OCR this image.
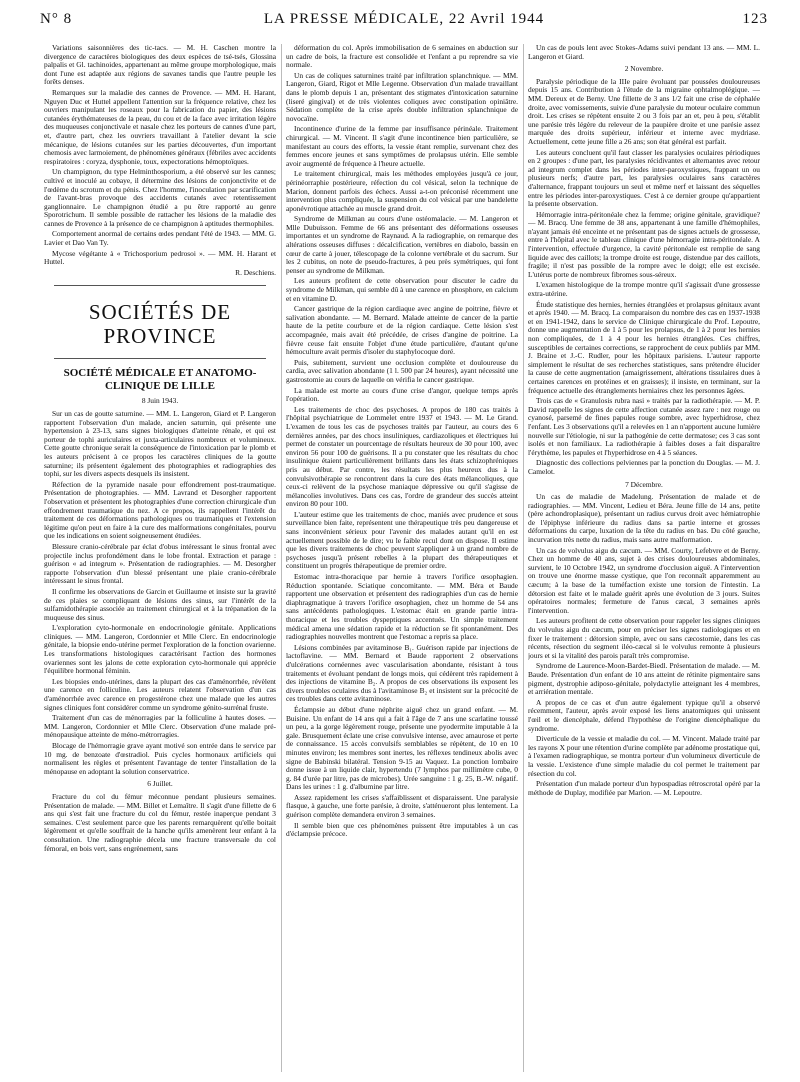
N° 8	LA PRESSE MÉDICALE, 22 Avril 1944	123

Variations saisonnières des tic-tacs. — M. H. Caschen montre la divergence de caractères biologiques des deux espèces de tsé-tsés, Glossina palpalis et Gl. tachinoides, appartenant au même groupe morphologique, mais dont l'une est adaptée aux régions de savanes tandis que l'autre peuple les forêts denses.

Remarques sur la maladie des cannes de Provence. — MM. H. Harant, Nguyen Duc et Huttel appellent l'attention sur la fréquence relative, chez les ouvriers manipulant les roseaux pour la fabrication du papier, des lésions cutanées érythémateuses de la peau, du cou et de la face avec irritation légère des muqueuses conjonctivale et nasale chez les porteurs de cannes d'une part, et, d'autre part, chez les ouvriers travaillant à l'atelier devant la scie mécanique, de lésions cutanées sur les parties découvertes, d'un important chemosis avec larmoiement, de phénomènes généraux (fébriles avec accidents respiratoires : coryza, dysphonie, toux, expectorations hémoptoïques.

Un champignon, du type Helminthosporium, a été observé sur les cannes; cultivé et inoculé au cobaye, il détermine des lésions de conjonctivite et de l'œdème du scrotum et du pénis. Chez l'homme, l'inoculation par scarification de l'avant-bras provoque des accidents cutanés avec retentissement ganglionnaire. Le champignon étudié a pu être rapporté au genre Sporotrichum. Il semble possible de rattacher les lésions de la maladie des cannes de Provence à la présence de ce champignon à aptitudes thermophiles.

Comportement anormal de certains œdes pendant l'été de 1943. — MM. G. Lavier et Dao Van Ty.

Mycose végétante à « Trichosporium pedrosoi ». — MM. H. Harant et Huttel.

R. Deschiens.

SOCIÉTÉS DE PROVINCE

SOCIÉTÉ MÉDICALE ET ANATOMO-CLINIQUE DE LILLE

8 Juin 1943.

Sur un cas de goutte saturnine. — MM. L. Langeron, Giard et P. Langeron rapportent l'observation d'un malade, ancien saturnin, qui présente une hypertension à 23-13, sans signes biologiques d'atteinte rénale, et qui est porteur de tophi auriculaires et juxta-articulaires nombreux et volumineux. Cette goutte chronique serait la conséquence de l'intoxication par le plomb et les auteurs précisent à ce propos les caractères cliniques de la goutte saturnine; ils présentent également des photographies et radiographies des tophi, sur les divers aspects desquels ils insistent.

Réfection de la pyramide nasale pour effondrement post-traumatique. Présentation de photographies. — MM. Lavrand et Desorgher rapportent l'observation et présentent les photographies d'une correction chirurgicale d'un effondrement traumatique du nez. A ce propos, ils rappellent l'intérêt du traitement de ces déformations pathologiques ou traumatiques et l'extension légitime qu'on peut en faire à la cure des malformations congénitales, pourvu que les indications en soient soigneusement étudiées.

Blessure cranio-cérébrale par éclat d'obus intéressant le sinus frontal avec projectile inclus profondément dans le lobe frontal. Extraction et parage : guérison « ad integrum ». Présentation de radiographies. — M. Desorgher rapporte l'observation d'un blessé présentant une plaie cranio-cérébrale intéressant le sinus frontal.

Il confirme les observations de Garcin et Guillaume et insiste sur la gravité de ces plaies se compliquant de lésions des sinus, sur l'intérêt de la sulfamidothérapie associée au traitement chirurgical et à la trépanation de la muqueuse des sinus.

L'exploration cyto-hormonale en endocrinologie génitale. Applications cliniques. — MM. Langeron, Cordonnier et Mlle Clerc. En endocrinologie génitale, la biopsie endo-utérine permet l'exploration de la fonction ovarienne. Les transformations histologiques caractérisant l'action des hormones ovariennes sont les jalons de cette exploration cyto-hormonale qui apprécie l'équilibre hormonal féminin.

Les biopsies endo-utérines, dans la plupart des cas d'aménorrhée, révèlent une carence en folliculine. Les auteurs relatent l'observation d'un cas d'aménorrhée avec carence en progestérone chez une malade que les autres signes cliniques font considérer comme un syndrome génito-surrénal fruste.

Traitement d'un cas de ménorragies par la folliculine à hautes doses. — MM. Langeron, Cordonnier et Mlle Clerc. Observation d'une malade pré-ménopausique atteinte de méno-métrorragies.

Blocage de l'hémorragie grave ayant motivé son entrée dans le service par 10 mg. de benzoate d'œstradiol. Puis cycles hormonaux artificiels qui normalisent les règles et présentent l'avantage de tenter l'installation de la ménopause en adoptant la solution conservatrice.

6 Juillet.

Fracture du col du fémur méconnue pendant plusieurs semaines. Présentation de malade. — MM. Billet et Lemaître. Il s'agit d'une fillette de 6 ans qui s'est fait une fracture du col du fémur, restée inaperçue pendant 3 semaines. C'est seulement parce que les parents remarquèrent qu'elle boitait légèrement et qu'elle souffrait de la hanche qu'ils amenèrent leur enfant à la consultation. Une radiographie décela une fracture transversale du col fémoral, en bois vert, sans engrènement, sans

déformation du col. Après immobilisation de 6 semaines en abduction sur un cadre de bois, la fracture est consolidée et l'enfant a pu reprendre sa vie normale.

Un cas de coliques saturnines traité par infiltration splanchnique. — MM. Langeron, Giard, Rigot et Mlle Legenne. Observation d'un malade travaillant dans le plomb depuis 1 an, présentant des stigmates d'intoxication saturnine (liseré gingival) et de très violentes coliques avec constipation opiniâtre. Sédation complète de la crise après double infiltration splanchnique de novocaïne.

Incontinence d'urine de la femme par insuffisance périnéale. Traitement chirurgical. — M. Vincent. Il s'agit d'une incontinence bien particulière, se manifestant au cours des efforts, la vessie étant remplie, survenant chez des femmes encore jeunes et sans symptômes de prolapsus utérin. Elle semble avoir augmenté de fréquence à l'heure actuelle.

Le traitement chirurgical, mais les méthodes employées jusqu'à ce jour, périnéorraphie postérieure, réfection du col vésical, selon la technique de Marion, donnent parfois des échecs. Aussi a-t-on préconisé récemment une intervention plus compliquée, la suspension du col vésical par une bandelette aponévrotique attachée au muscle grand droit.

Syndrome de Milkman au cours d'une ostéomalacie. — M. Langeron et Mlle Dubuisson. Femme de 66 ans présentant des déformations osseuses importantes et un syndrome de Raynaud. A la radiographie, on remarque des altérations osseuses diffuses : décalcification, vertèbres en diabolo, bassin en cœur de carte à jouer, télescopage de la colonne vertébrale et du sacrum. Sur les 2 cubitus, on note de pseudo-fractures, à peu près symétriques, qui font penser au syndrome de Milkman.

Les auteurs profitent de cette observation pour discuter le cadre du syndrome de Milkman, qui semble dû à une carence en phosphore, en calcium et en vitamine D.

Cancer gastrique de la région cardiaque avec angine de poitrine, fièvre et salivation abondante. — M. Bernard. Malade atteinte de cancer de la partie haute de la petite courbure et de la région cardiaque. Cette lésion s'est accompagnée, mais avait été précédée, de crises d'angine de poitrine. La fièvre ceuse fait ensuite l'objet d'une étude particulière, d'autant qu'une hémoculture avait permis d'isoler du staphylocoque doré.

Puis, subitement, survient une occlusion complète et douloureuse du cardia, avec salivation abondante (1 l. 500 par 24 heures), ayant nécessité une gastrostomie au cours de laquelle on vérifia le cancer gastrique.

La malade est morte au cours d'une crise d'angor, quelque temps après l'opération.

Les traitements de choc des psychoses. A propos de 180 cas traités à l'hôpital psychiatrique de Lommelet entre 1937 et 1943. — M. Le Grand. L'examen de tous les cas de psychoses traités par l'auteur, au cours des 6 dernières années, par des chocs insuliniques, cardiazoliques et électriques lui permet de constater un pourcentage de résultats heureux de 30 pour 100, avec environ 56 pour 100 de guérisons. Il a pu constater que les résultats du choc insulinique étaient particulièrement brillants dans les états schizophréniques pris au début. Par contre, les résultats les plus heureux dus à la convulsivothérapie se rencontrent dans la cure des états mélancoliques, que ceux-ci relèvent de la psychose maniaque dépressive ou qu'il s'agisse de mélancolies involutives. Dans ces cas, l'ordre de grandeur des succès atteint environ 80 pour 100.

L'auteur estime que les traitements de choc, maniés avec prudence et sous surveillance bien faite, représentent une thérapeutique très peu dangereuse et sans inconvénient sérieux pour l'avenir des malades autant qu'il en est actuellement possible de le dire; vu le faible recul dont on dispose. Il estime que les divers traitements de choc peuvent s'appliquer à un grand nombre de psychoses jusqu'à présent rebelles à la plupart des thérapeutiques et constituent un progrès thérapeutique de premier ordre.

Estomac intra-thoracique par hernie à travers l'orifice œsophagien. Réduction spontanée. Sciatique concomitante. — MM. Béra et Baude rapportent une observation et présentent des radiographies d'un cas de hernie diaphragmatique à travers l'orifice œsophagien, chez un homme de 54 ans sans antécédents pathologiques. L'estomac était en grande partie intra-thoracique et les troubles dyspeptiques accentués. Un simple traitement médical amena une sédation rapide et la réduction se fit spontanément. Des radiographies nouvelles montrent que l'estomac a repris sa place.

Lésions combinées par avitaminose B₁. Guérison rapide par injections de lactoflavine. — MM. Bernard et Baude rapportent 2 observations d'ulcérations cornéennes avec vascularisation abondante, résistant à tous traitements et évoluant pendant de longs mois, qui cédèrent très rapidement à des injections de vitamine B₂. A propos de ces observations ils exposent les divers troubles oculaires dus à l'avitaminose B₂ et insistent sur la précocité de ces troubles dans cette avitaminose.

Éclampsie au début d'une néphrite aiguë chez un grand enfant. — M. Buisine. Un enfant de 14 ans qui a fait à l'âge de 7 ans une scarlatine toussé un peu, a la gorge légèrement rouge, présente une pyodermite imputable à la gale. Brusquement éclate une crise convulsive intense, avec amaurose et perte de connaissance. 15 accès convulsifs semblables se répètent, de 10 en 10 minutes environ; les membres sont inertes, les réflexes tendineux abolis avec signe de Babinski bilatéral. Tension 9-15 au Vaquez. La ponction lombaire donne issue à un liquide clair, hypertendu (7 lymphos par millimètre cube, 0 g. 84 d'urée par litre, pas de microbes). Urée sanguine : 1 g. 25, B.-W. négatif. Dans les urines : 1 g. d'albumine par litre.

Assez rapidement les crises s'affaiblissent et disparaissent. Une paralysie flasque, à gauche, une forte parésie, à droite, s'atténueront plus lentement. La guérison complète demandera environ 3 semaines.

Il semble bien que ces phénomènes puissent être imputables à un cas d'éclampsie précoce.

Un cas de pouls lent avec Stokes-Adams suivi pendant 13 ans. — MM. L. Langeron et Giard.

2 Novembre.

Paralysie périodique de la IIIe paire évoluant par poussées douloureuses depuis 15 ans. Contribution à l'étude de la migraine ophtalmoplégique. — MM. Dereux et de Berny. Une fillette de 3 ans 1/2 fait une crise de céphalée droite, avec vomissements, suivie d'une paralysie du moteur oculaire commun droit. Les crises se répètent ensuite 2 ou 3 fois par an et, peu à peu, s'établit une parésie très légère du releveur de la paupière droite et une parésie assez marquée des droits supérieur, inférieur et interne avec mydriase. Actuellement, cette jeune fille a 26 ans; son état général est parfait.

Les auteurs concluent qu'il faut classer les paralysies oculaires périodiques en 2 groupes : d'une part, les paralysies récidivantes et alternantes avec retour ad integrum complet dans les périodes inter-paroxystiques, frappant un ou plusieurs nerfs; d'autre part, les paralysies oculaires sans caractères d'alternance, frappant toujours un seul et même nerf et laissant des séquelles entre les périodes inter-paroxystiques. C'est à ce dernier groupe qu'appartient la présente observation.

Hémorragie intra-péritonéale chez la femme; origine génitale, gravidique? — M. Bracq. Une femme de 38 ans, appartenant à une famille d'hémophiles, n'ayant jamais été enceinte et ne présentant pas de signes actuels de grossesse, entre à l'hôpital avec le tableau clinique d'une hémorragie intra-péritonéale. A l'intervention, effectuée d'urgence, la cavité péritonéale est remplie de sang liquide avec des caillots; la trompe droite est rouge, distendue par des caillots, fragile; il n'est pas possible de la rompre avec le doigt; elle est excisée. L'utérus porte de nombreux fibromes sous-séreux.

L'examen histologique de la trompe montre qu'il s'agissait d'une grossesse extra-utérine.

Étude statistique des hernies, hernies étranglées et prolapsus génitaux avant et après 1940. — M. Bracq. La comparaison du nombre des cas en 1937-1938 et en 1941-1942, dans le service de Clinique chirurgicale du Prof. Lepoutre, donne une augmentation de 1 à 5 pour les prolapsus, de 1 à 2 pour les hernies non compliquées, de 1 à 4 pour les hernies étranglées. Ces chiffres, susceptibles de certaines corrections, se rapprochent de ceux publiés par MM. J. Braine et J.-C. Rudler, pour les hôpitaux parisiens. L'auteur rapporte simplement le résultat de ses recherches statistiques, sans prétendre élucider la cause de cette augmentation (amaigrissement, altérations tissulaires dues à certaines carences en protéines et en graisses); il insiste, en terminant, sur la fréquence actuelle des étranglements herniaires chez les personnes âgées.

Trois cas de « Granulosis rubra nasi » traités par la radiothérapie. — M. P. David rappelle les signes de cette affection cutanée assez rare : nez rouge ou cyanosé, parsemé de fines papules rouge sombre, avec hyperhidrose, chez l'enfant. Les 3 observations qu'il a relevées en 1 an n'apportent aucune lumière nouvelle sur l'étiologie, ni sur la pathogénie de cette dermatose; ces 3 cas sont isolés et non familiaux. La radiothérapie à faibles doses a fait disparaître l'érythème, les papules et l'hyperhidrose en 4 à 5 séances.

Diagnostic des collections pelviennes par la ponction du Douglas. — M. J. Camelot.

7 Décembre.

Un cas de maladie de Madelung. Présentation de malade et de radiographies. — MM. Vincent, Ledieu et Béra. Jeune fille de 14 ans, petite (père achondroplasique), présentant un radius curvus droit avec hémiatrophie de l'épiphyse inférieure du radius dans sa partie interne et grosses déformations du carpe, luxation de la tête du radius en bas. Du côté gauche, incurvation très nette du radius, mais sans autre malformation.

Un cas de volvulus aigu du cæcum. — MM. Courty, Lefebvre et de Berny. Chez un homme de 40 ans, sujet à des crises douloureuses abdominales, survient, le 10 Octobre 1942, un syndrome d'occlusion aiguë. A l'intervention on trouve une énorme masse cystique, que l'on reconnaît apparemment au cæcum; à la base de la tuméfaction existe une torsion de l'intestin. La détorsion est faite et le malade guérit après une évolution de 3 jours. Suites opératoires normales; fermeture de l'anus cæcal, 3 semaines après l'intervention.

Les auteurs profitent de cette observation pour rappeler les signes cliniques du volvulus aigu du cæcum, pour en préciser les signes radiologiques et en fixer le traitement : détorsion simple, avec ou sans cæcostomie, dans les cas récents, résection du segment iléo-cæcal si le volvulus remonte à plusieurs jours et si la vitalité des parois paraît très compromise.

Syndrome de Laurence-Moon-Bardet-Biedl. Présentation de malade. — M. Baude. Présentation d'un enfant de 10 ans atteint de rétinite pigmentaire sans pigment, dystrophie adiposo-génitale, polydactylie atteignant les 4 membres, et arriération mentale.

A propos de ce cas et d'un autre également typique qu'il a observé récemment, l'auteur, après avoir exposé les liens anatomiques qui unissent l'œil et le diencéphale, défend l'hypothèse de l'origine diencéphalique du syndrome.

Diverticule de la vessie et maladie du col. — M. Vincent. Malade traité par les rayons X pour une rétention d'urine complète par adénome prostatique qui, à l'examen radiographique, se montra porteur d'un volumineux diverticule de la vessie. L'existence d'une simple maladie du col permet le traitement par résection du col.

Présentation d'un malade porteur d'un hypospadias rétroscrotal opéré par la méthode de Duplay, modifiée par Marion. — M. Lepoutre.
